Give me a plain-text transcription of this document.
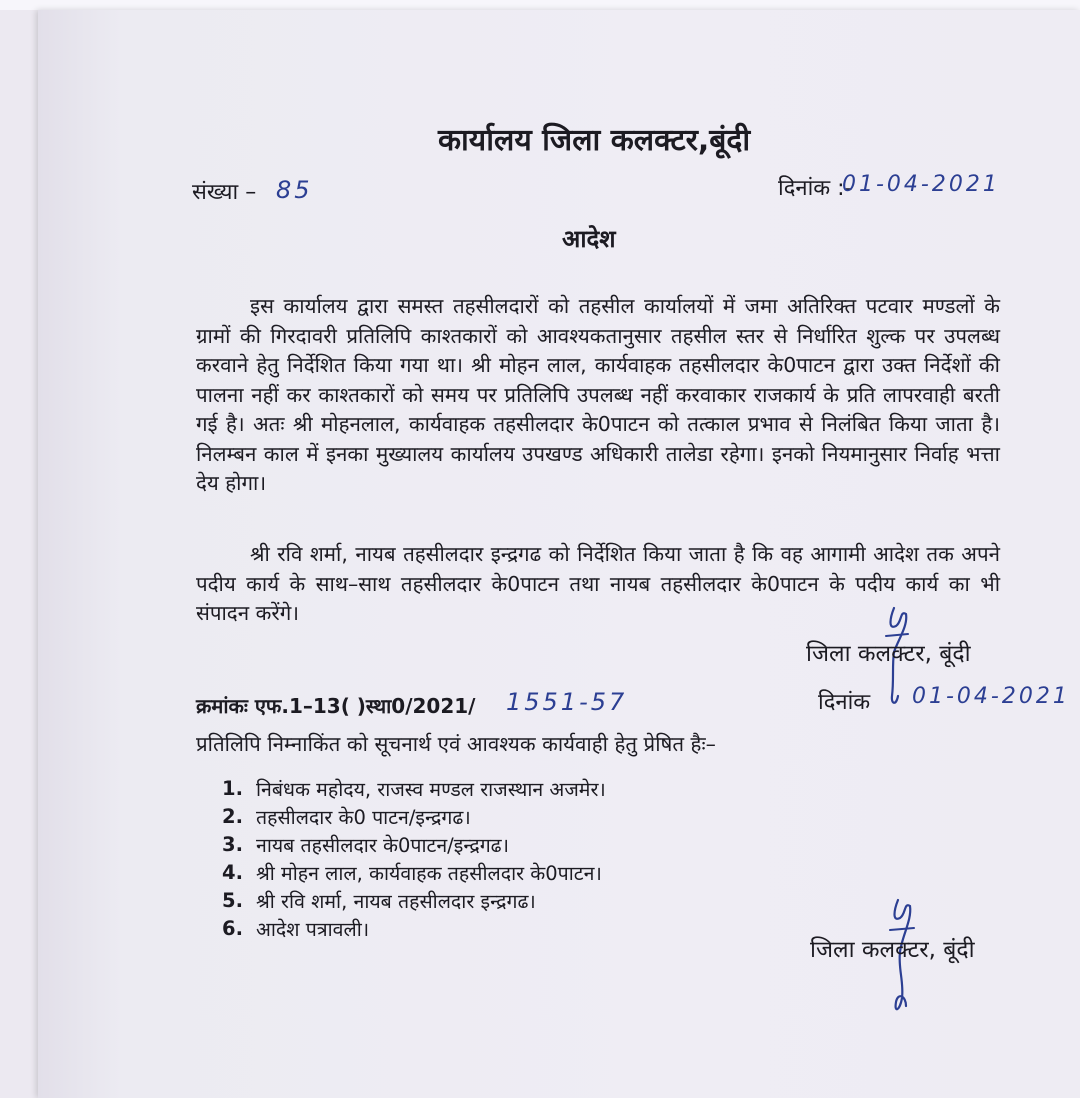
कार्यालय जिला कलक्टर,बूंदी
संख्या – 85	दिनांक :-
01-04-2021
आदेश
इस कार्यालय द्वारा समस्त तहसीलदारों को तहसील कार्यालयों में जमा अतिरिक्त पटवार मण्डलों के ग्रामों की गिरदावरी प्रतिलिपि काश्तकारों को आवश्यकतानुसार तहसील स्तर से निर्धारित शुल्क पर उपलब्ध करवाने हेतु निर्देशित किया गया था। श्री मोहन लाल, कार्यवाहक तहसीलदार के0पाटन द्वारा उक्त निर्देशों की पालना नहीं कर काश्तकारों को समय पर प्रतिलिपि उपलब्ध नहीं करवाकार राजकार्य के प्रति लापरवाही बरती गई है। अतः श्री मोहनलाल, कार्यवाहक तहसीलदार के0पाटन को तत्काल प्रभाव से निलंबित किया जाता है। निलम्बन काल में इनका मुख्यालय कार्यालय उपखण्ड अधिकारी तालेडा रहेगा। इनको नियमानुसार निर्वाह भत्ता देय होगा।
श्री रवि शर्मा, नायब तहसीलदार इन्द्रगढ को निर्देशित किया जाता है कि वह आगामी आदेश तक अपने पदीय कार्य के साथ–साथ तहसीलदार के0पाटन तथा नायब तहसीलदार के0पाटन के पदीय कार्य का भी संपादन करेंगे।
जिला कलक्टर, बूंदी
क्रमांकः एफ.1–13( )स्था0/2021/ 1551-57	दिनांक 01-04-2021
प्रतिलिपि निम्नाकिंत को सूचनार्थ एवं आवश्यक कार्यवाही हेतु प्रेषित हैः–
1. निबंधक महोदय, राजस्व मण्डल राजस्थान अजमेर।
2. तहसीलदार के0 पाटन/इन्द्रगढ।
3. नायब तहसीलदार के0पाटन/इन्द्रगढ।
4. श्री मोहन लाल, कार्यवाहक तहसीलदार के0पाटन।
5. श्री रवि शर्मा, नायब तहसीलदार इन्द्रगढ।
6. आदेश पत्रावली।
जिला कलक्टर, बूंदी
